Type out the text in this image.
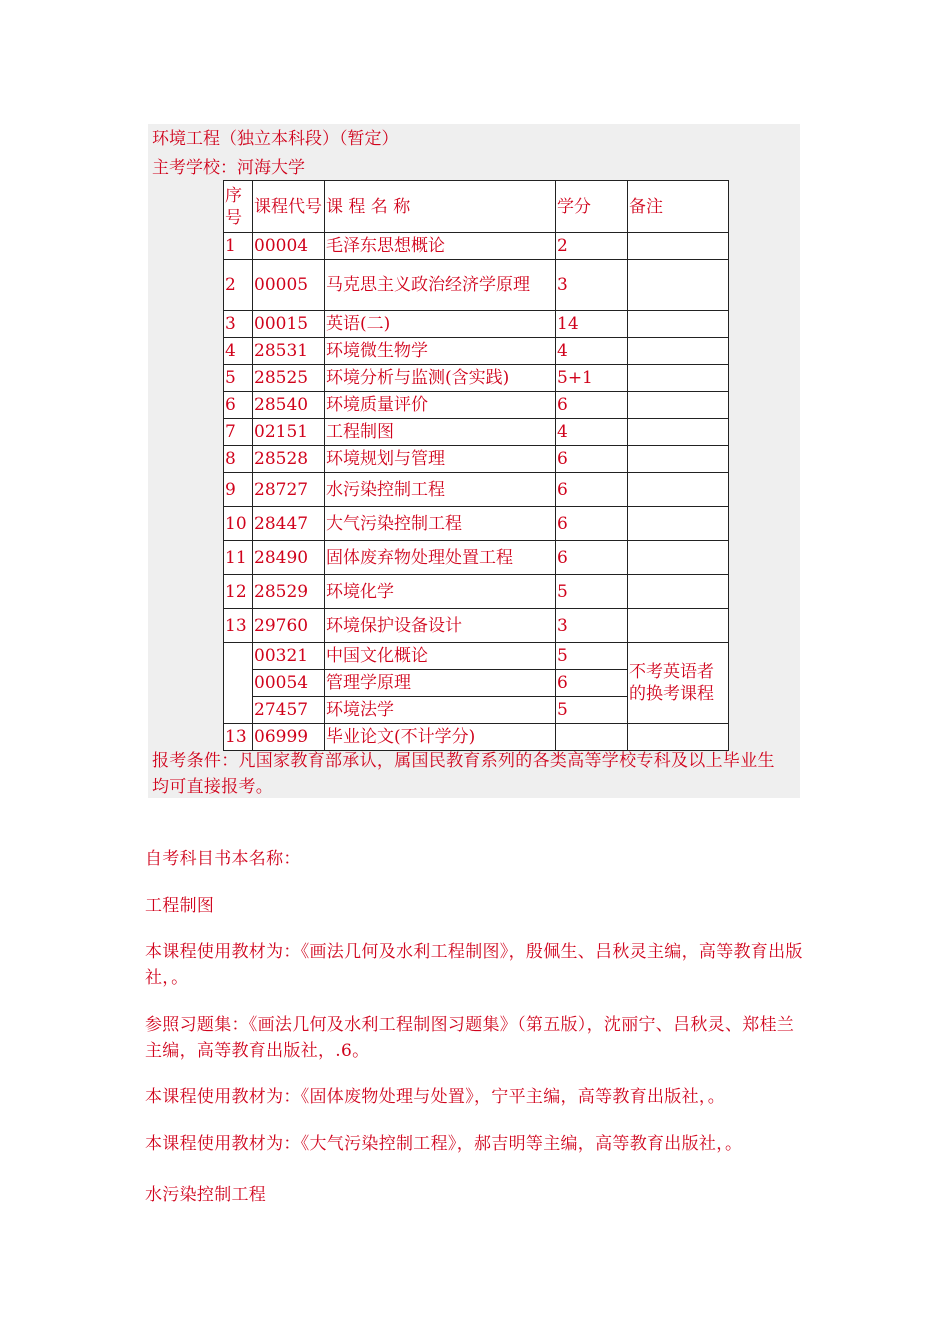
环境工程（独立本科段）（暂定）
主考学校：河海大学
序号	课程代号	课 程 名 称	学分	备注
1	00004	毛泽东思想概论	2	
2	00005	马克思主义政治经济学原理	3	
3	00015	英语(二)	14	
4	28531	环境微生物学	4	
5	28525	环境分析与监测(含实践)	5+1	
6	28540	环境质量评价	6	
7	02151	工程制图	4	
8	28528	环境规划与管理	6	
9	28727	水污染控制工程	6	
10	28447	大气污染控制工程	6	
11	28490	固体废弃物处理处置工程	6	
12	28529	环境化学	5	
13	29760	环境保护设备设计	3	
	00321	中国文化概论	5	不考英语者的换考课程
	00054	管理学原理	6	
	27457	环境法学	5	
13	06999	毕业论文(不计学分)		
报考条件：凡国家教育部承认，属国民教育系列的各类高等学校专科及以上毕业生均可直接报考。
自考科目书本名称：
工程制图
本课程使用教材为：《画法几何及水利工程制图》，殷佩生、吕秋灵主编，高等教育出版社，。
参照习题集：《画法几何及水利工程制图习题集》（第五版），沈丽宁、吕秋灵、郑桂兰主编，高等教育出版社，.6。
本课程使用教材为：《固体废物处理与处置》，宁平主编，高等教育出版社，。
本课程使用教材为：《大气污染控制工程》，郝吉明等主编，高等教育出版社，。
水污染控制工程
